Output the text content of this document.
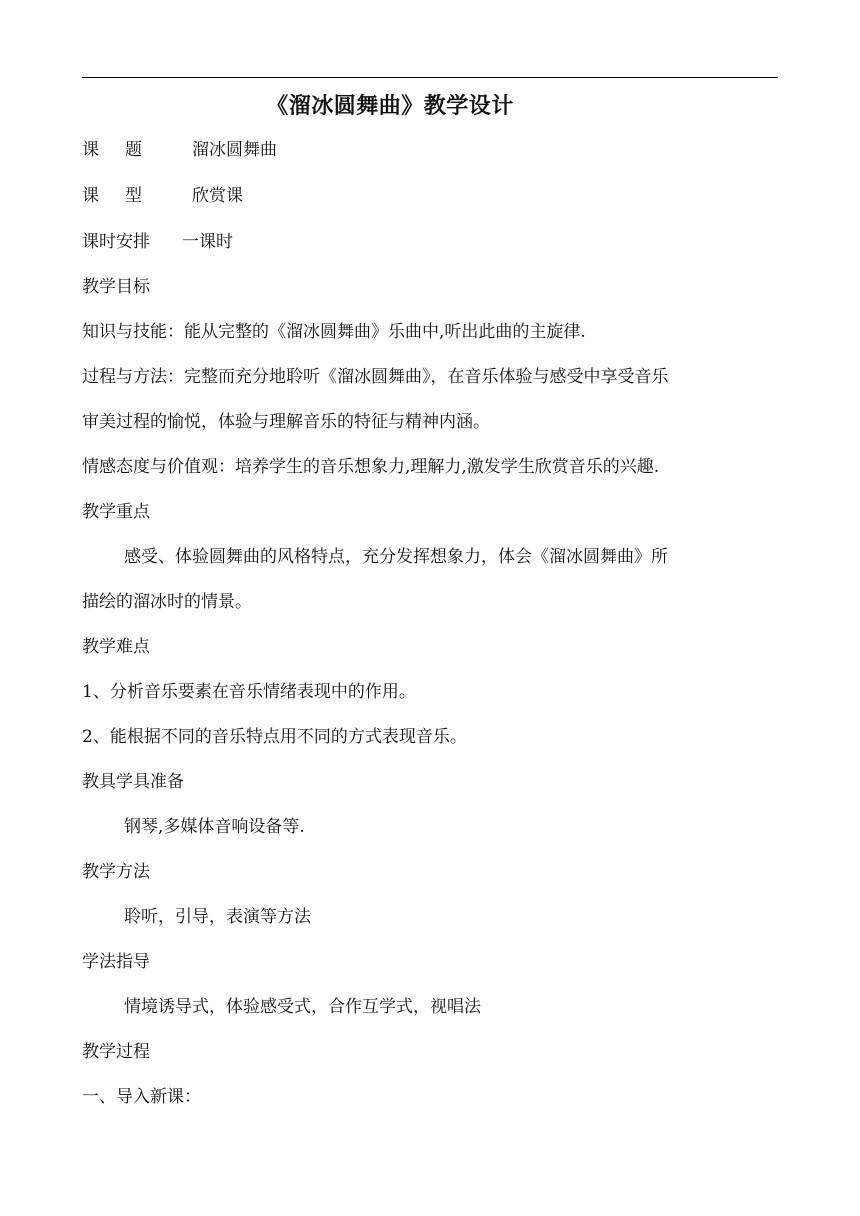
《溜冰圆舞曲》教学设计
课题 溜冰圆舞曲
课型 欣赏课
课时安排 一课时
教学目标
知识与技能：能从完整的《溜冰圆舞曲》乐曲中,听出此曲的主旋律.
过程与方法：完整而充分地聆听《溜冰圆舞曲》，在音乐体验与感受中享受音乐
审美过程的愉悦，体验与理解音乐的特征与精神内涵。
情感态度与价值观：培养学生的音乐想象力,理解力,激发学生欣赏音乐的兴趣.
教学重点
感受、体验圆舞曲的风格特点，充分发挥想象力，体会《溜冰圆舞曲》所
描绘的溜冰时的情景。
教学难点
1、分析音乐要素在音乐情绪表现中的作用。
2、能根据不同的音乐特点用不同的方式表现音乐。
教具学具准备
钢琴,多媒体音响设备等.
教学方法
聆听，引导，表演等方法
学法指导
情境诱导式，体验感受式，合作互学式，视唱法
教学过程
一、导入新课：
